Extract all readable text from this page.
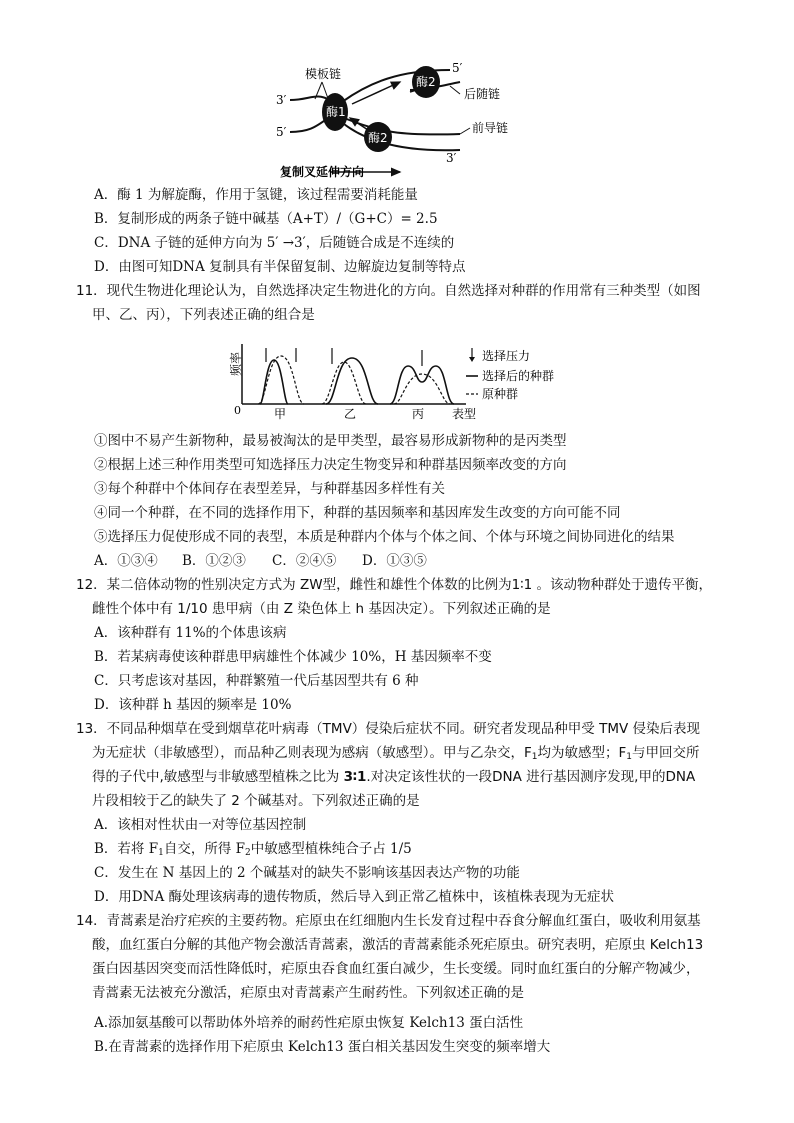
模板链
3′
5′
5′
3′
酶1
酶2
酶2
后随链
前导链
复制叉延伸方向
A．酶 1 为解旋酶，作用于氢键，该过程需要消耗能量
B．复制形成的两条子链中碱基（A+T）/（G+C）= 2.5
C．DNA 子链的延伸方向为 5′ →3′，后随链合成是不连续的
D．由图可知DNA 复制具有半保留复制、边解旋边复制等特点
11．现代生物进化理论认为，自然选择决定生物进化的方向。自然选择对种群的作用常有三种类型（如图
甲、乙、丙），下列表述正确的组合是
频率
0	表型
甲	乙	丙
选择压力
选择后的种群
原种群
①图中不易产生新物种，最易被淘汰的是甲类型，最容易形成新物种的是丙类型
②根据上述三种作用类型可知选择压力决定生物变异和种群基因频率改变的方向
③每个种群中个体间存在表型差异，与种群基因多样性有关
④同一个种群，在不同的选择作用下，种群的基因频率和基因库发生改变的方向可能不同
⑤选择压力促使形成不同的表型，本质是种群内个体与个体之间、个体与环境之间协同进化的结果
A．①③④ B．①②③ C．②④⑤ D．①③⑤
12．某二倍体动物的性别决定方式为 ZW型，雌性和雄性个体数的比例为1∶1 。该动物种群处于遗传平衡，
雌性个体中有 1/10 患甲病（由 Z 染色体上 h 基因决定）。下列叙述正确的是
A．该种群有 11%的个体患该病
B．若某病毒使该种群患甲病雄性个体减少 10%，H 基因频率不变
C．只考虑该对基因，种群繁殖一代后基因型共有 6 种
D．该种群 h 基因的频率是 10%
13．不同品种烟草在受到烟草花叶病毒（TMV）侵染后症状不同。研究者发现品种甲受 TMV 侵染后表现
为无症状（非敏感型），而品种乙则表现为感病（敏感型）。甲与乙杂交，$F_1$均为敏感型；$F_1$与甲回交所
得的子代中,敏感型与非敏感型植株之比为 3∶1.对决定该性状的一段DNA 进行基因测序发现,甲的DNA
片段相较于乙的缺失了 2 个碱基对。下列叙述正确的是
A．该相对性状由一对等位基因控制
B．若将 $F_1$自交，所得 $F_2$中敏感型植株纯合子占 1/5
C．发生在 N 基因上的 2 个碱基对的缺失不影响该基因表达产物的功能
D．用DNA 酶处理该病毒的遗传物质，然后导入到正常乙植株中，该植株表现为无症状
14．青蒿素是治疗疟疾的主要药物。疟原虫在红细胞内生长发育过程中吞食分解血红蛋白，吸收利用氨基
酸，血红蛋白分解的其他产物会激活青蒿素，激活的青蒿素能杀死疟原虫。研究表明，疟原虫 Kelch13
蛋白因基因突变而活性降低时，疟原虫吞食血红蛋白减少，生长变缓。同时血红蛋白的分解产物减少，
青蒿素无法被充分激活，疟原虫对青蒿素产生耐药性。下列叙述正确的是
A.添加氨基酸可以帮助体外培养的耐药性疟原虫恢复 Kelch13 蛋白活性
B.在青蒿素的选择作用下疟原虫 Kelch13 蛋白相关基因发生突变的频率增大
